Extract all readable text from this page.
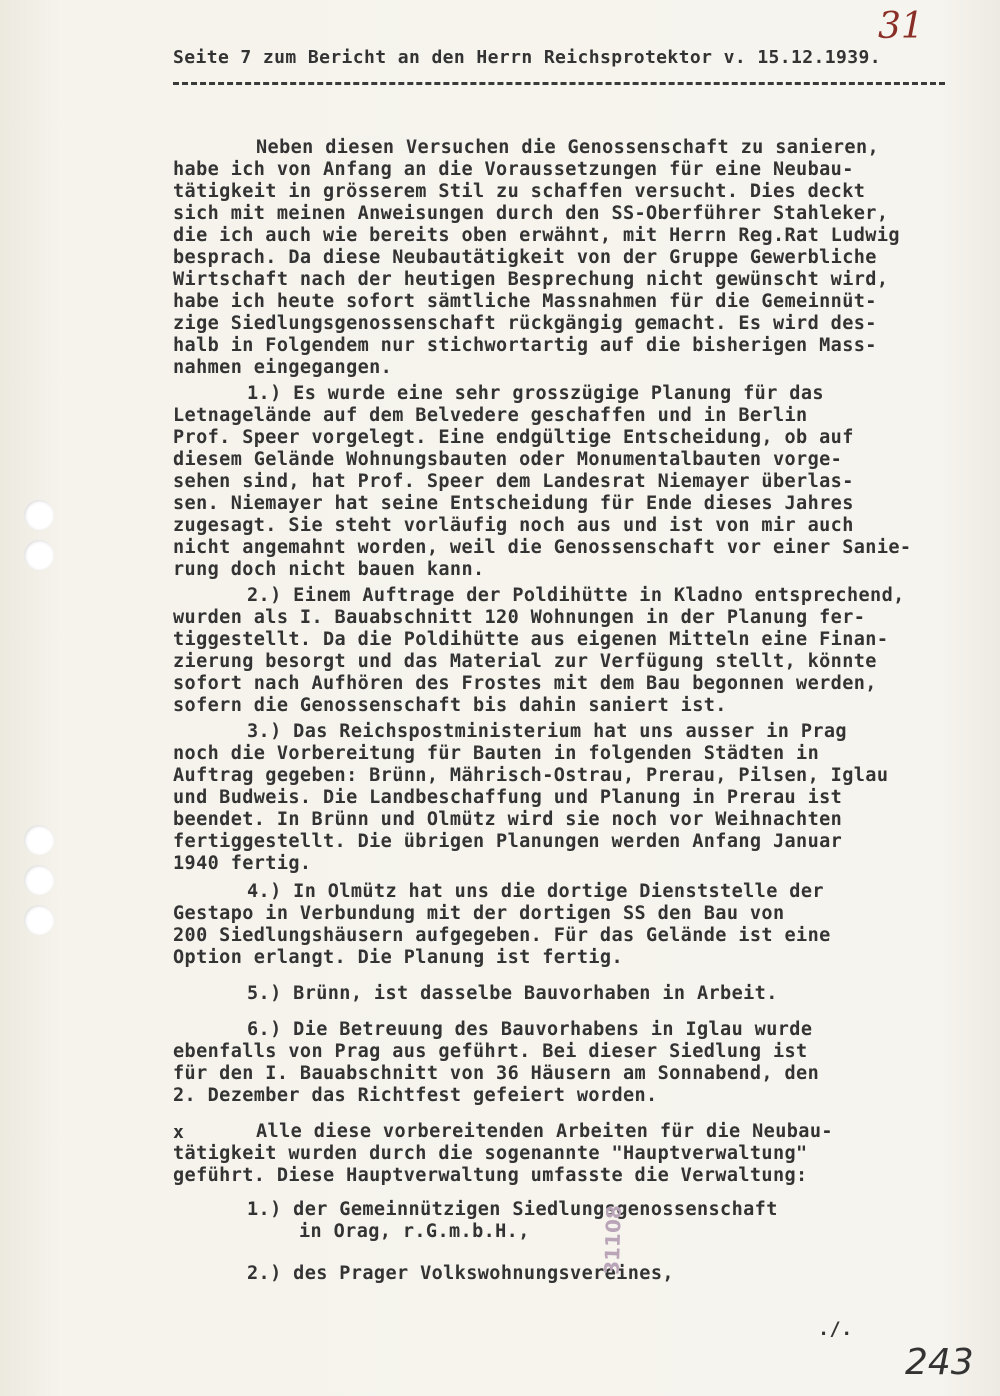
31
Seite 7 zum Bericht an den Herrn Reichsprotektor v. 15.12.1939.
Neben diesen Versuchen die Genossenschaft zu sanieren,
habe ich von Anfang an die Voraussetzungen für eine Neubau-
tätigkeit in grösserem Stil zu schaffen versucht. Dies deckt
sich mit meinen Anweisungen durch den SS-Oberführer Stahleker,
die ich auch wie bereits oben erwähnt, mit Herrn Reg.Rat Ludwig
besprach. Da diese Neubautätigkeit von der Gruppe Gewerbliche
Wirtschaft nach der heutigen Besprechung nicht gewünscht wird,
habe ich heute sofort sämtliche Massnahmen für die Gemeinnüt-
zige Siedlungsgenossenschaft rückgängig gemacht. Es wird des-
halb in Folgendem nur stichwortartig auf die bisherigen Mass-
nahmen eingegangen.
1.) Es wurde eine sehr grosszügige Planung für das
Letnagelände auf dem Belvedere geschaffen und in Berlin
Prof. Speer vorgelegt. Eine endgültige Entscheidung, ob auf
diesem Gelände Wohnungsbauten oder Monumentalbauten vorge-
sehen sind, hat Prof. Speer dem Landesrat Niemayer überlas-
sen. Niemayer hat seine Entscheidung für Ende dieses Jahres
zugesagt. Sie steht vorläufig noch aus und ist von mir auch
nicht angemahnt worden, weil die Genossenschaft vor einer Sanie-
rung doch nicht bauen kann.
2.) Einem Auftrage der Poldihütte in Kladno entsprechend,
wurden als I. Bauabschnitt 120 Wohnungen in der Planung fer-
tiggestellt. Da die Poldihütte aus eigenen Mitteln eine Finan-
zierung besorgt und das Material zur Verfügung stellt, könnte
sofort nach Aufhören des Frostes mit dem Bau begonnen werden,
sofern die Genossenschaft bis dahin saniert ist.
3.) Das Reichspostministerium hat uns ausser in Prag
noch die Vorbereitung für Bauten in folgenden Städten in
Auftrag gegeben: Brünn, Mährisch-Ostrau, Prerau, Pilsen, Iglau
und Budweis. Die Landbeschaffung und Planung in Prerau ist
beendet. In Brünn und Olmütz wird sie noch vor Weihnachten
fertiggestellt. Die übrigen Planungen werden Anfang Januar
1940 fertig.
4.) In Olmütz hat uns die dortige Dienststelle der
Gestapo in Verbundung mit der dortigen SS den Bau von
200 Siedlungshäusern aufgegeben. Für das Gelände ist eine
Option erlangt. Die Planung ist fertig.
5.) Brünn, ist dasselbe Bauvorhaben in Arbeit.
6.) Die Betreuung des Bauvorhabens in Iglau wurde
ebenfalls von Prag aus geführt. Bei dieser Siedlung ist
für den I. Bauabschnitt von 36 Häusern am Sonnabend, den
2. Dezember das Richtfest gefeiert worden.
x	Alle diese vorbereitenden Arbeiten für die Neubau-
tätigkeit wurden durch die sogenannte "Hauptverwaltung"
geführt. Diese Hauptverwaltung umfasste die Verwaltung:
1.) der Gemeinnützigen Siedlungsgenossenschaft
in Orag, r.G.m.b.H.,
2.) des Prager Volkswohnungsvereines,
31108
./.
243
